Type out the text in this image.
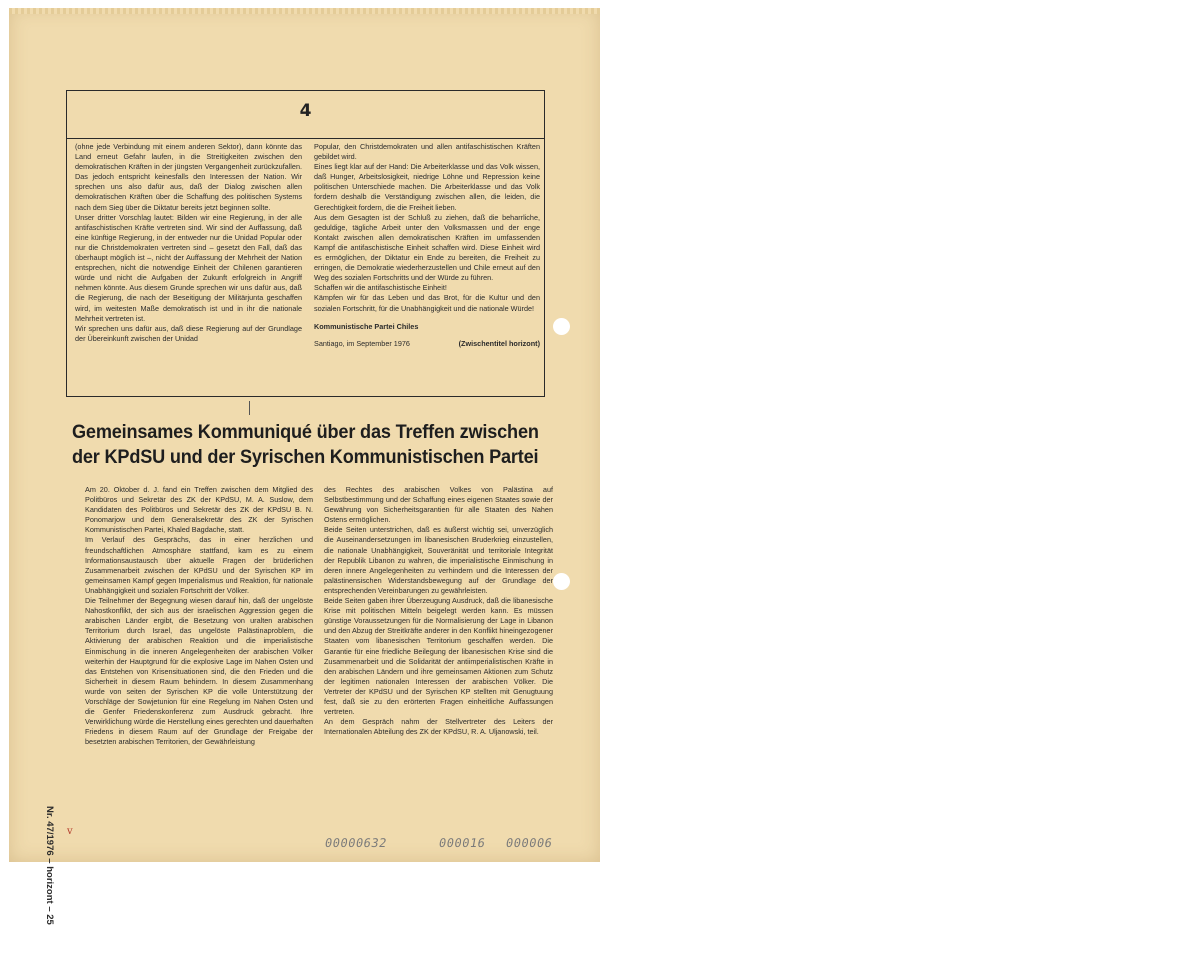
4

(ohne jede Verbindung mit einem anderen Sektor), dann könnte das Land erneut Gefahr laufen, in die Streitigkeiten zwischen den demokratischen Kräften in der jüngsten Vergangenheit zurückzufallen. Das jedoch entspricht keinesfalls den Interessen der Nation. Wir sprechen uns also dafür aus, daß der Dialog zwischen allen demokratischen Kräften über die Schaffung des politischen Systems nach dem Sieg über die Diktatur bereits jetzt beginnen sollte.

Unser dritter Vorschlag lautet: Bilden wir eine Regierung, in der alle antifaschistischen Kräfte vertreten sind. Wir sind der Auffassung, daß eine künftige Regierung, in der entweder nur die Unidad Popular oder nur die Christdemokraten vertreten sind – gesetzt den Fall, daß das überhaupt möglich ist –, nicht der Auffassung der Mehrheit der Nation entsprechen, nicht die notwendige Einheit der Chilenen garantieren würde und nicht die Aufgaben der Zukunft erfolgreich in Angriff nehmen könnte. Aus diesem Grunde sprechen wir uns dafür aus, daß die Regierung, die nach der Beseitigung der Militärjunta geschaffen wird, im weitesten Maße demokratisch ist und in ihr die nationale Mehrheit vertreten ist.

Wir sprechen uns dafür aus, daß diese Regierung auf der Grundlage der Übereinkunft zwischen der Unidad

Popular, den Christdemokraten und allen antifaschistischen Kräften gebildet wird.

Eines liegt klar auf der Hand: Die Arbeiterklasse und das Volk wissen, daß Hunger, Arbeitslosigkeit, niedrige Löhne und Repression keine politischen Unterschiede machen. Die Arbeiterklasse und das Volk fordern deshalb die Verständigung zwischen allen, die leiden, die Gerechtigkeit fordern, die die Freiheit lieben.

Aus dem Gesagten ist der Schluß zu ziehen, daß die beharrliche, geduldige, tägliche Arbeit unter den Volksmassen und der enge Kontakt zwischen allen demokratischen Kräften im umfassenden Kampf die antifaschistische Einheit schaffen wird. Diese Einheit wird es ermöglichen, der Diktatur ein Ende zu bereiten, die Freiheit zu erringen, die Demokratie wiederherzustellen und Chile erneut auf den Weg des sozialen Fortschritts und der Würde zu führen.

Schaffen wir die antifaschistische Einheit!

Kämpfen wir für das Leben und das Brot, für die Kultur und den sozialen Fortschritt, für die Unabhängigkeit und die nationale Würde!

Kommunistische Partei Chiles

Santiago, im September 1976	(Zwischentitel horizont)

Gemeinsames Kommuniqué über das Treffen zwischen
der KPdSU und der Syrischen Kommunistischen Partei

Am 20. Oktober d. J. fand ein Treffen zwischen dem Mitglied des Politbüros und Sekretär des ZK der KPdSU, M. A. Suslow, dem Kandidaten des Politbüros und Sekretär des ZK der KPdSU B. N. Ponomarjow und dem Generalsekretär des ZK der Syrischen Kommunistischen Partei, Khaled Bagdache, statt.

Im Verlauf des Gesprächs, das in einer herzlichen und freundschaftlichen Atmosphäre stattfand, kam es zu einem Informationsaustausch über aktuelle Fragen der brüderlichen Zusammenarbeit zwischen der KPdSU und der Syrischen KP im gemeinsamen Kampf gegen Imperialismus und Reaktion, für nationale Unabhängigkeit und sozialen Fortschritt der Völker.

Die Teilnehmer der Begegnung wiesen darauf hin, daß der ungelöste Nahostkonflikt, der sich aus der israelischen Aggression gegen die arabischen Länder ergibt, die Besetzung von uralten arabischen Territorium durch Israel, das ungelöste Palästinaproblem, die Aktivierung der arabischen Reaktion und die imperialistische Einmischung in die inneren Angelegenheiten der arabischen Völker weiterhin der Hauptgrund für die explosive Lage im Nahen Osten und das Entstehen von Krisensituationen sind, die den Frieden und die Sicherheit in diesem Raum behindern. In diesem Zusammenhang wurde von seiten der Syrischen KP die volle Unterstützung der Vorschläge der Sowjetunion für eine Regelung im Nahen Osten und die Genfer Friedenskonferenz zum Ausdruck gebracht. Ihre Verwirklichung würde die Herstellung eines gerechten und dauerhaften Friedens in diesem Raum auf der Grundlage der Freigabe der besetzten arabischen Territorien, der Gewährleistung

des Rechtes des arabischen Volkes von Palästina auf Selbstbestimmung und der Schaffung eines eigenen Staates sowie der Gewährung von Sicherheitsgarantien für alle Staaten des Nahen Ostens ermöglichen.

Beide Seiten unterstrichen, daß es äußerst wichtig sei, unverzüglich die Auseinandersetzungen im libanesischen Bruderkrieg einzustellen, die nationale Unabhängigkeit, Souveränität und territoriale Integrität der Republik Libanon zu wahren, die imperialistische Einmischung in deren innere Angelegenheiten zu verhindern und die Interessen der palästinensischen Widerstandsbewegung auf der Grundlage der entsprechenden Vereinbarungen zu gewährleisten.

Beide Seiten gaben ihrer Überzeugung Ausdruck, daß die libanesische Krise mit politischen Mitteln beigelegt werden kann. Es müssen günstige Voraussetzungen für die Normalisierung der Lage in Libanon und den Abzug der Streitkräfte anderer in den Konflikt hineingezogener Staaten vom libanesischen Territorium geschaffen werden. Die Garantie für eine friedliche Beilegung der libanesischen Krise sind die Zusammenarbeit und die Solidarität der antiimperialistischen Kräfte in den arabischen Ländern und ihre gemeinsamen Aktionen zum Schutz der legitimen nationalen Interessen der arabischen Völker. Die Vertreter der KPdSU und der Syrischen KP stellten mit Genugtuung fest, daß sie zu den erörterten Fragen einheitliche Auffassungen vertreten.

An dem Gespräch nahm der Stellvertreter des Leiters der Internationalen Abteilung des ZK der KPdSU, R. A. Uljanowski, teil.

Nr. 47/1976 – horizont – 25 v
00000632	000016 000006
